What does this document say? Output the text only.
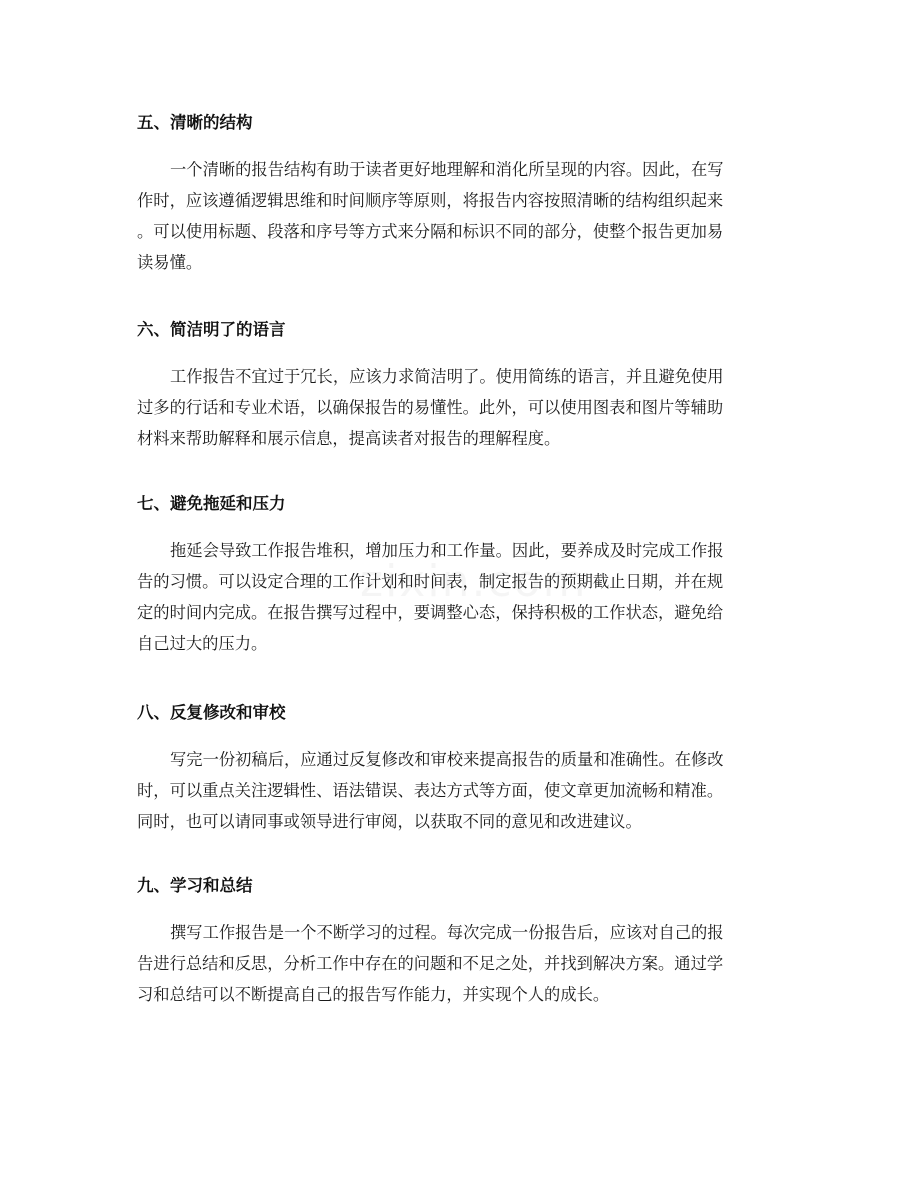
五、清晰的结构
一个清晰的报告结构有助于读者更好地理解和消化所呈现的内容。因此，在写
作时，应该遵循逻辑思维和时间顺序等原则，将报告内容按照清晰的结构组织起来
。可以使用标题、段落和序号等方式来分隔和标识不同的部分，使整个报告更加易
读易懂。
六、简洁明了的语言
工作报告不宜过于冗长，应该力求简洁明了。使用简练的语言，并且避免使用
过多的行话和专业术语，以确保报告的易懂性。此外，可以使用图表和图片等辅助
材料来帮助解释和展示信息，提高读者对报告的理解程度。
七、避免拖延和压力
拖延会导致工作报告堆积，增加压力和工作量。因此，要养成及时完成工作报
告的习惯。可以设定合理的工作计划和时间表，制定报告的预期截止日期，并在规
定的时间内完成。在报告撰写过程中，要调整心态，保持积极的工作状态，避免给
自己过大的压力。
八、反复修改和审校
写完一份初稿后，应通过反复修改和审校来提高报告的质量和准确性。在修改
时，可以重点关注逻辑性、语法错误、表达方式等方面，使文章更加流畅和精准。
同时，也可以请同事或领导进行审阅，以获取不同的意见和改进建议。
九、学习和总结
撰写工作报告是一个不断学习的过程。每次完成一份报告后，应该对自己的报
告进行总结和反思，分析工作中存在的问题和不足之处，并找到解决方案。通过学
习和总结可以不断提高自己的报告写作能力，并实现个人的成长。
